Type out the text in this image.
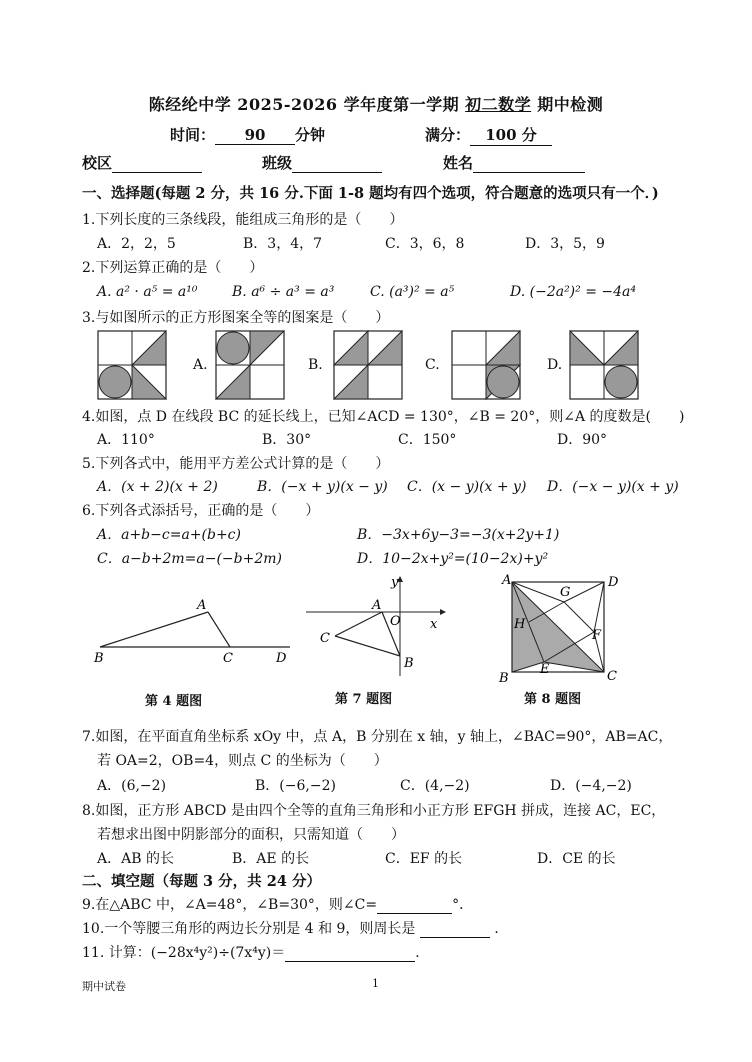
陈经纶中学 2025-2026 学年度第一学期 初二数学 期中检测
时间： 90 分钟	满分： 100 分
校区	班级	姓名
一、选择题(每题 2 分，共 16 分.下面 1-8 题均有四个选项，符合题意的选项只有一个．)
1.下列长度的三条线段，能组成三角形的是（　　）
A．2，2，5	B．3，4，7	C．3，6，8	D．3，5，9
2.下列运算正确的是（　　）
A. a² · a⁵ = a¹⁰ B. a⁶ ÷ a³ = a³	C. (a³)² = a⁵	D. (−2a²)² = −4a⁴
3.与如图所示的正方形图案全等的图案是（　　）
A.	B.	C.	D.
4.如图，点 D 在线段 BC 的延长线上，已知∠ACD = 130°，∠B = 20°，则∠A 的度数是(　　)
A．110°	B．30°	C．150°	D．90°
5.下列各式中，能用平方差公式计算的是（　　）
A．(x + 2)(x + 2)	B．(−x + y)(x − y) C．(x − y)(x + y) D．(−x − y)(x + y)
6.下列各式添括号，正确的是（　　）
A．a+b−c=a+(b+c)	B．−3x+6y−3=−3(x+2y+1)
C．a−b+2m=a−(−b+2m)	D．10−2x+y²=(10−2x)+y²
A
B	C	D
第 4 题图
y
x
A
O
C
B
第 7 题图
A	D
G
H
F
E
B	C
第 8 题图
7.如图，在平面直角坐标系 xOy 中，点 A，B 分别在 x 轴，y 轴上，∠BAC=90°，AB=AC，
若 OA=2，OB=4，则点 C 的坐标为（　　）
A．(6,−2)	B．(−6,−2)	C．(4,−2)	D．(−4,−2)
8.如图，正方形 ABCD 是由四个全等的直角三角形和小正方形 EFGH 拼成，连接 AC，EC，
若想求出图中阴影部分的面积，只需知道（　　）
A．AB 的长	B．AE 的长	C．EF 的长	D．CE 的长
二、填空题（每题 3 分，共 24 分）
9.在△ABC 中，∠A=48°，∠B=30°，则∠C=	°．
10.一个等腰三角形的两边长分别是 4 和 9，则周长是	．
11. 计算：(−28x⁴y²)÷(7x⁴y)＝	．
期中试卷	1
